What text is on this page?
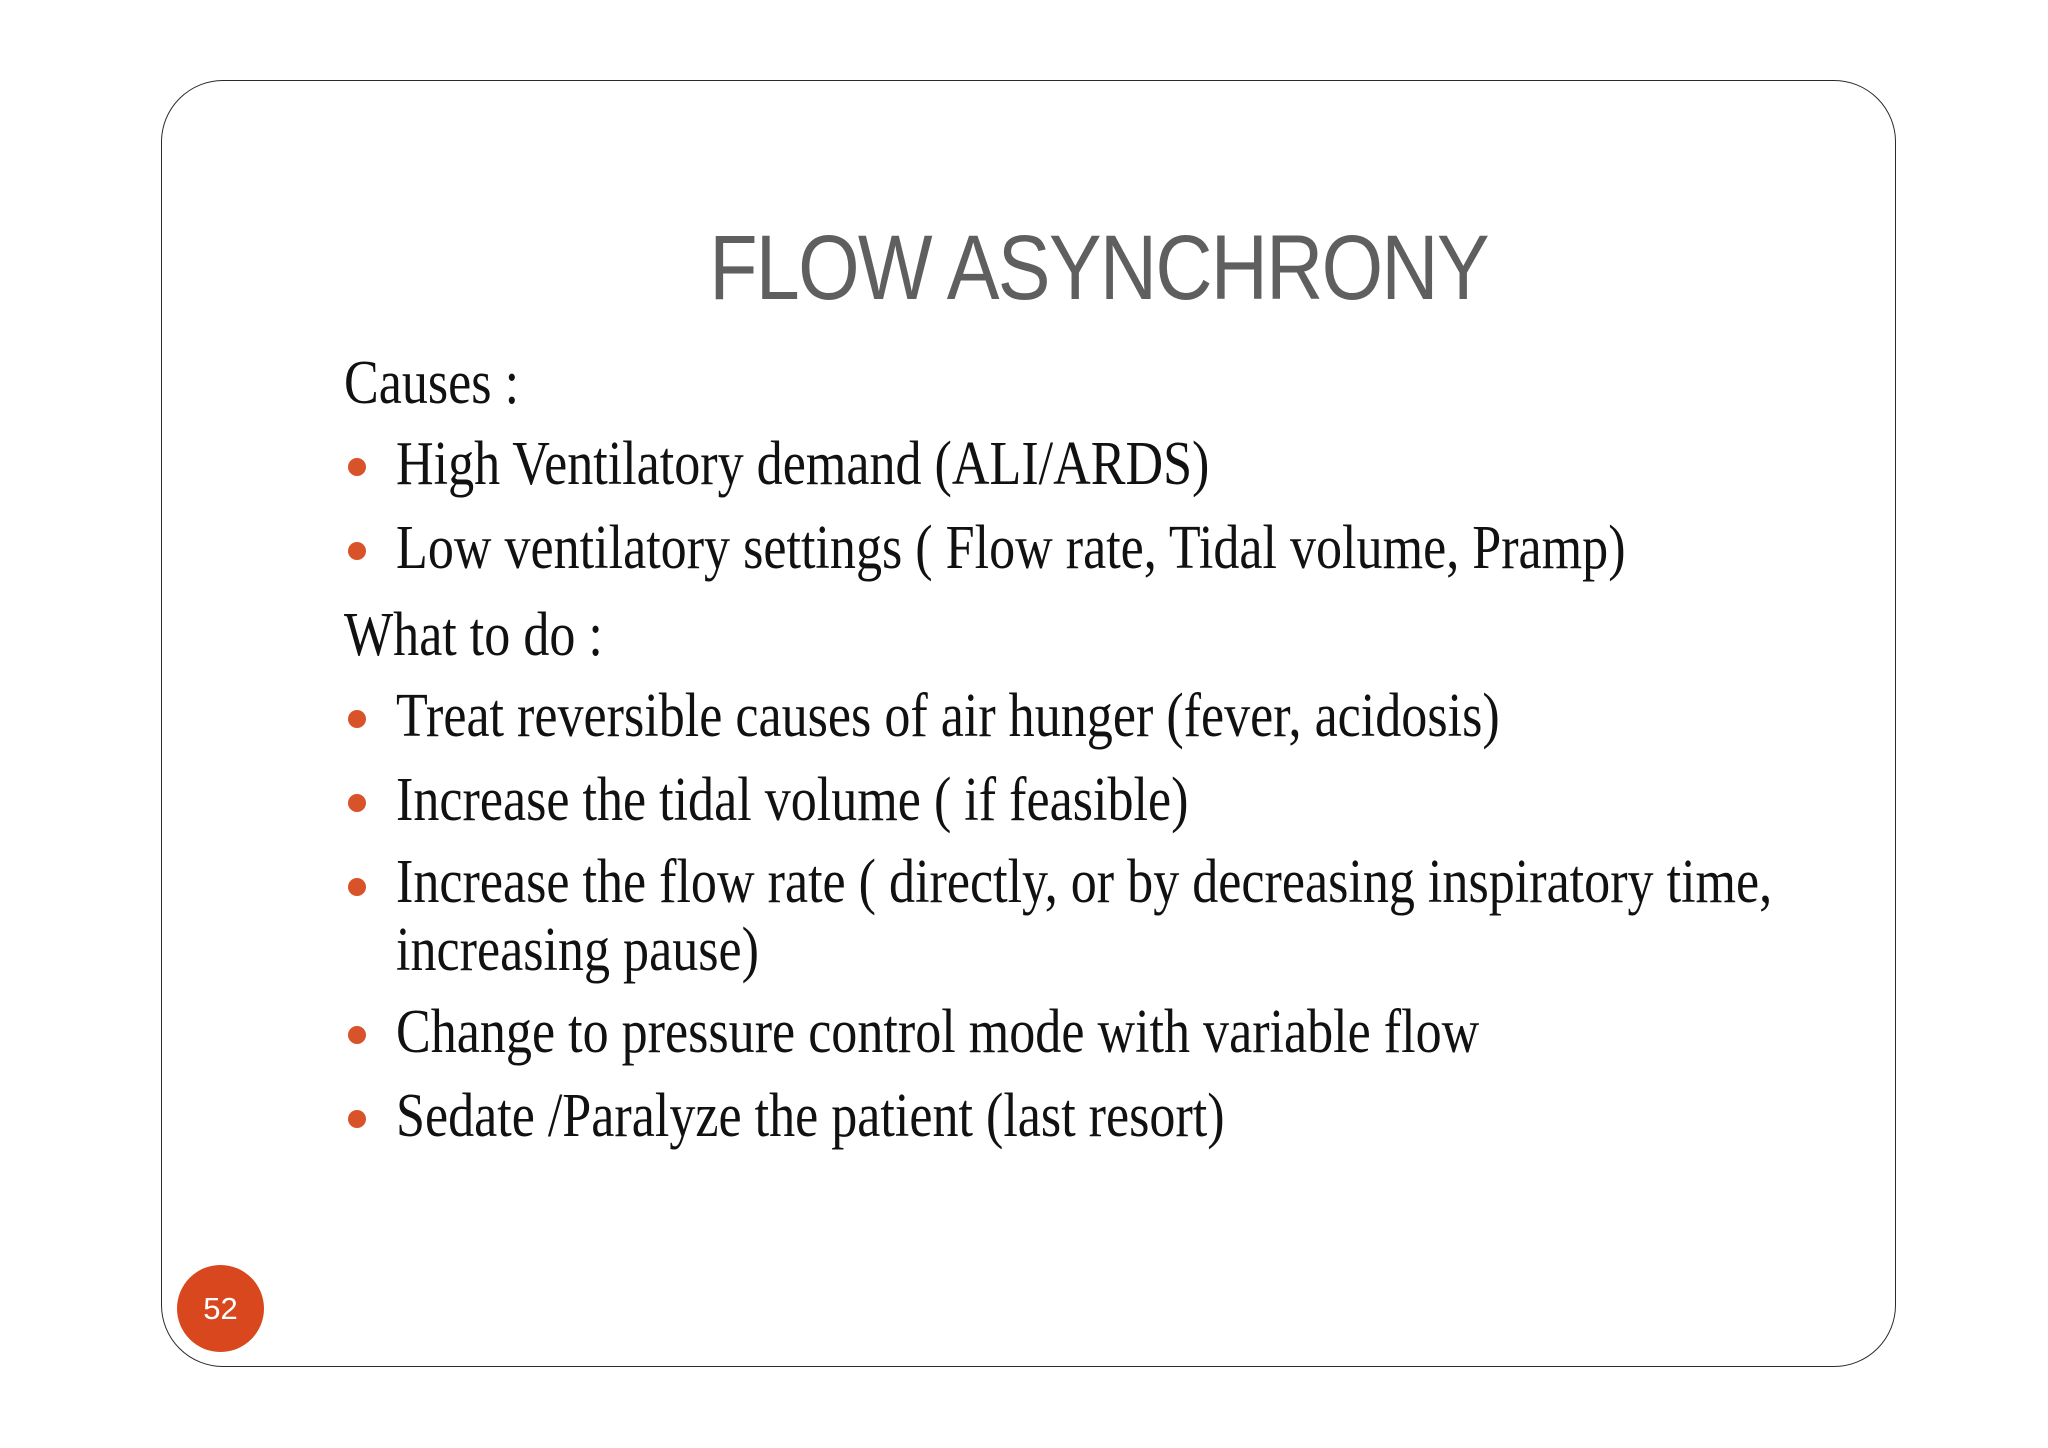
FLOW ASYNCHRONY

Causes :

High Ventilatory demand (ALI/ARDS)
Low ventilatory settings ( Flow rate, Tidal volume, Pramp)

What to do :

Treat reversible causes of air hunger (fever, acidosis)
Increase the tidal volume ( if feasible)
Increase the flow rate ( directly, or by decreasing inspiratory time, increasing pause)
Change to pressure control mode with variable flow
Sedate /Paralyze the patient (last resort)
52
